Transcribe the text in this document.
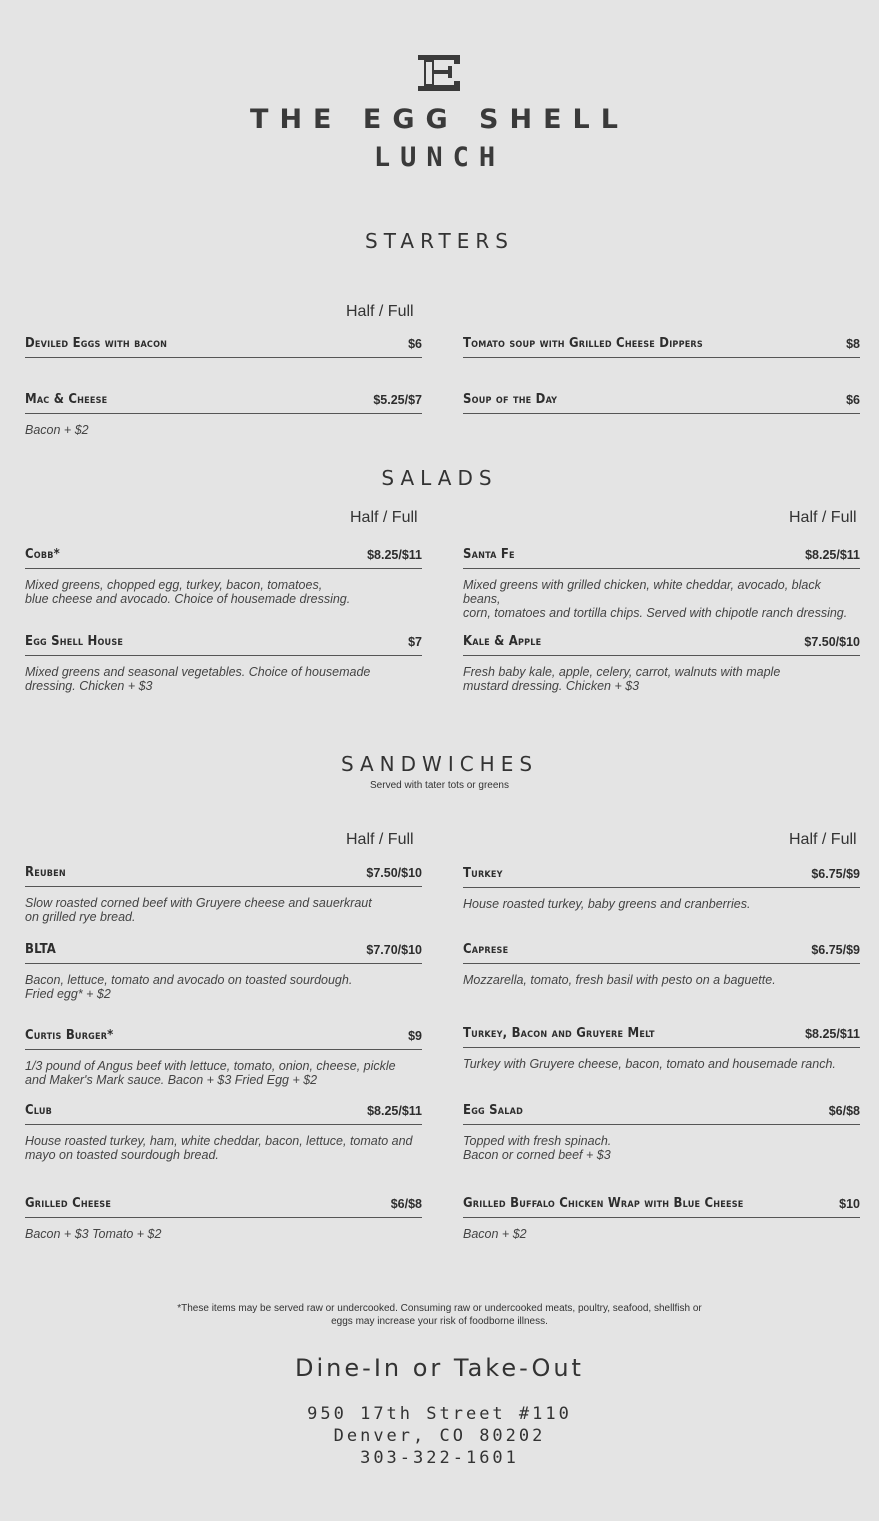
THE EGG SHELL
LUNCH
STARTERS
Half / Full
Deviled Eggs with bacon	$6
Mac & Cheese	$5.25/$7
Bacon + $2
Tomato soup with Grilled Cheese Dippers	$8
Soup of the Day	$6
SALADS
Half / Full	Half / Full
Cobb*	$8.25/$11
Mixed greens, chopped egg, turkey, bacon, tomatoes,
blue cheese and avocado. Choice of housemade dressing.
Egg Shell House	$7
Mixed greens and seasonal vegetables. Choice of housemade
dressing. Chicken + $3
Santa Fe	$8.25/$11
Mixed greens with grilled chicken, white cheddar, avocado, black beans,
corn, tomatoes and tortilla chips. Served with chipotle ranch dressing.
Kale & Apple	$7.50/$10
Fresh baby kale, apple, celery, carrot, walnuts with maple
mustard dressing. Chicken + $3
SANDWICHES
Served with tater tots or greens
Half / Full	Half / Full
Reuben	$7.50/$10
Slow roasted corned beef with Gruyere cheese and sauerkraut
on grilled rye bread.
BLTA	$7.70/$10
Bacon, lettuce, tomato and avocado on toasted sourdough.
Fried egg* + $2
Curtis Burger*	$9
1/3 pound of Angus beef with lettuce, tomato, onion, cheese, pickle
and Maker's Mark sauce. Bacon + $3 Fried Egg + $2
Club	$8.25/$11
House roasted turkey, ham, white cheddar, bacon, lettuce, tomato and
mayo on toasted sourdough bread.
Grilled Cheese	$6/$8
Bacon + $3 Tomato + $2
Turkey	$6.75/$9
House roasted turkey, baby greens and cranberries.
Caprese	$6.75/$9
Mozzarella, tomato, fresh basil with pesto on a baguette.
Turkey, Bacon and Gruyere Melt	$8.25/$11
Turkey with Gruyere cheese, bacon, tomato and housemade ranch.
Egg Salad	$6/$8
Topped with fresh spinach.
Bacon or corned beef + $3
Grilled Buffalo Chicken Wrap with Blue Cheese	$10
Bacon + $2
*These items may be served raw or undercooked. Consuming raw or undercooked meats, poultry, seafood, shellfish or
eggs may increase your risk of foodborne illness.
Dine-In or Take-Out
950 17th Street #110
Denver, CO 80202
303-322-1601
